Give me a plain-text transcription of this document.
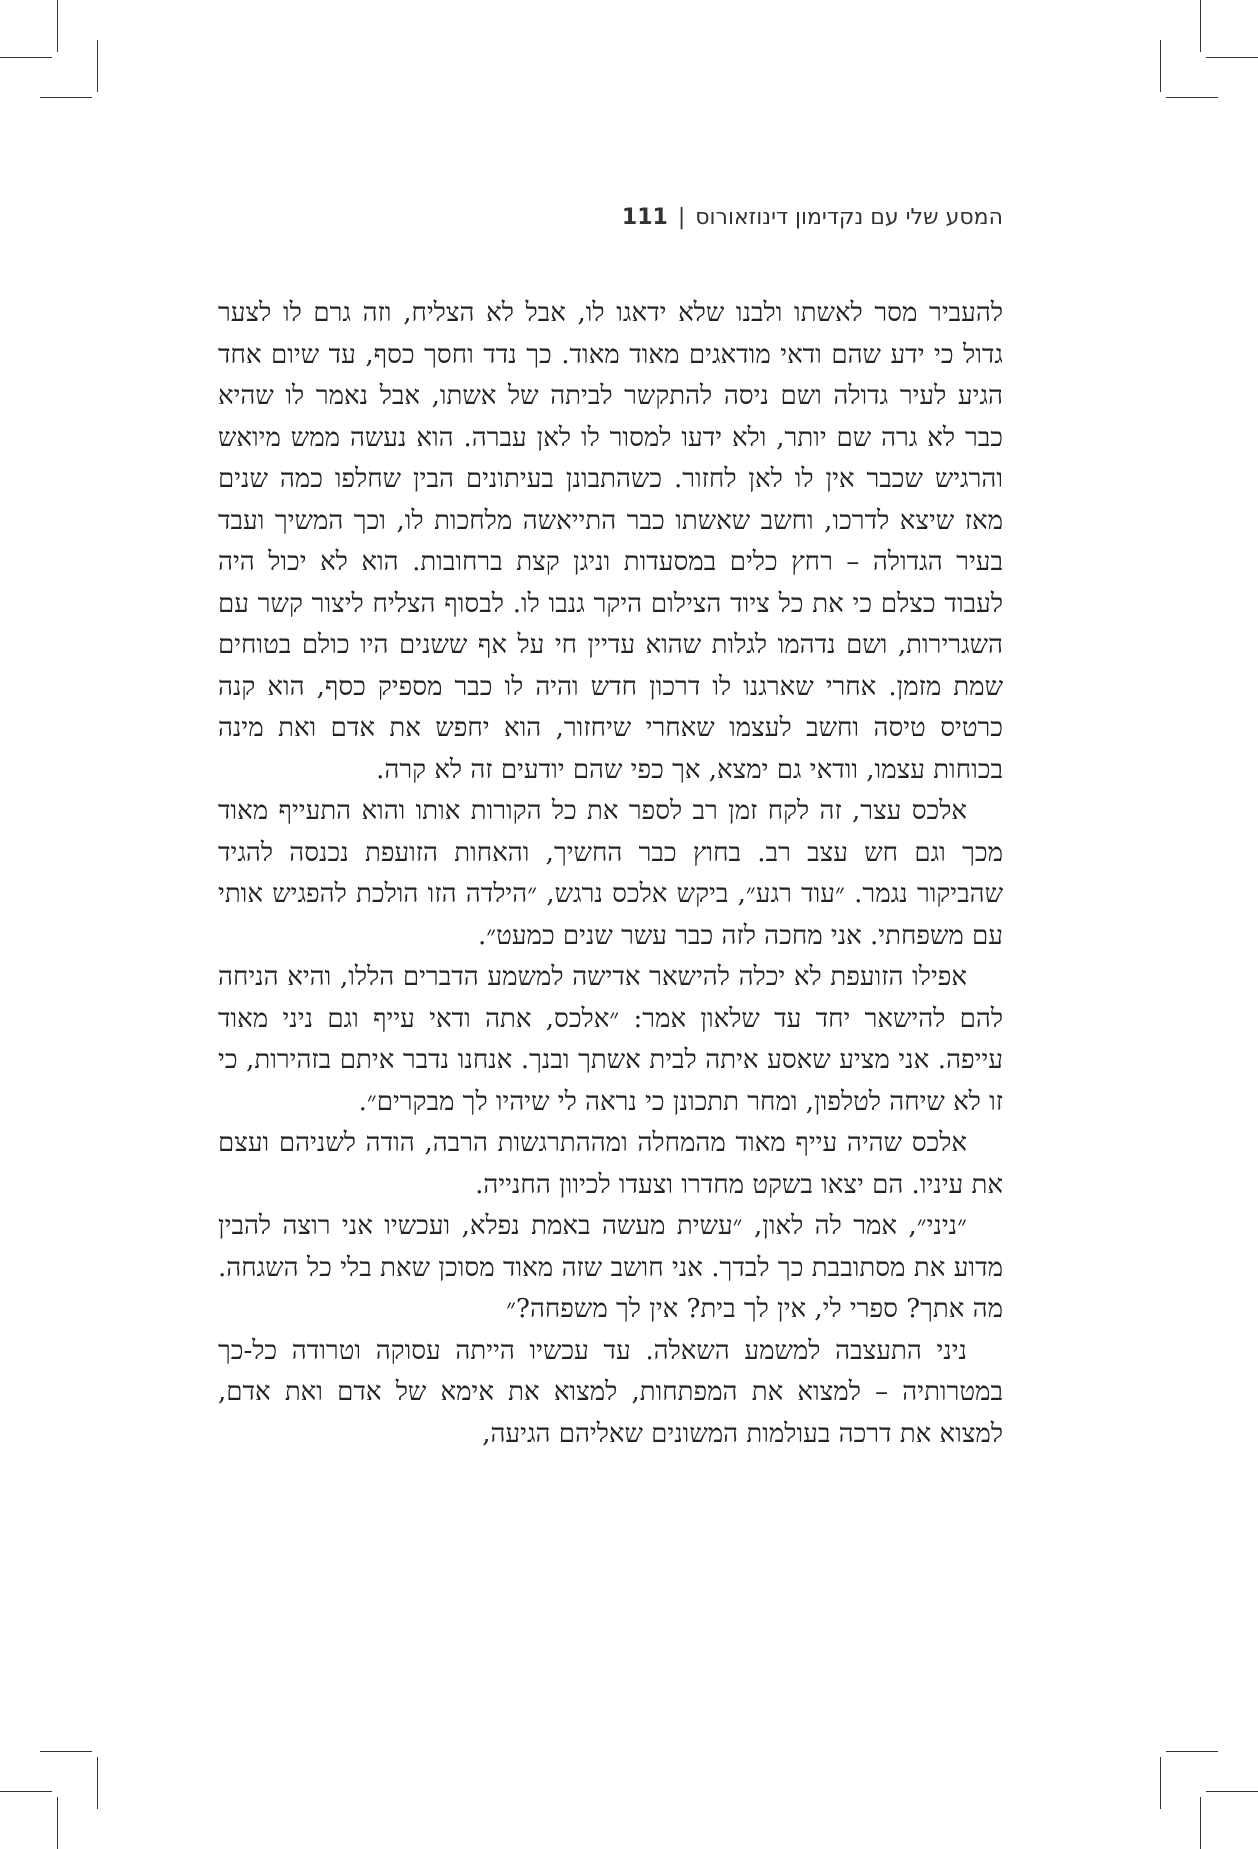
המסע שלי עם נקדימון דינוזאורוס|111

להעביר מסר לאשתו ולבנו שלא ידאגו לו, אבל לא הצליח, וזה גרם לו לצער גדול כי ידע שהם ודאי מודאגים מאוד מאוד. כך נדד וחסך כסף, עד שיום אחד הגיע לעיר גדולה ושם ניסה להתקשר לביתה של אשתו, אבל נאמר לו שהיא כבר לא גרה שם יותר, ולא ידעו למסור לו לאן עברה. הוא נעשה ממש מיואש והרגיש שכבר אין לו לאן לחזור. כשהתבונן בעיתונים הבין שחלפו כמה שנים מאז שיצא לדרכו, וחשב שאשתו כבר התייאשה מלחכות לו, וכך המשיך ועבד בעיר הגדולה – רחץ כלים במסעדות וניגן קצת ברחובות. הוא לא יכול היה לעבוד כצלם כי את כל ציוד הצילום היקר גנבו לו. לבסוף הצליח ליצור קשר עם השגרירות, ושם נדהמו לגלות שהוא עדיין חי על אף ששנים היו כולם בטוחים שמת מזמן. אחרי שארגנו לו דרכון חדש והיה לו כבר מספיק כסף, הוא קנה כרטיס טיסה וחשב לעצמו שאחרי שיחזור, הוא יחפש את אדם ואת מינה בכוחות עצמו, וודאי גם ימצא, אך כפי שהם יודעים זה לא קרה.

אלכס עצר, זה לקח זמן רב לספר את כל הקורות אותו והוא התעייף מאוד מכך וגם חש עצב רב. בחוץ כבר החשיך, והאחות הזועפת נכנסה להגיד שהביקור נגמר. ״עוד רגע״, ביקש אלכס נרגש, ״הילדה הזו הולכת להפגיש אותי עם משפחתי. אני מחכה לזה כבר עשר שנים כמעט״.

אפילו הזועפת לא יכלה להישאר אדישה למשמע הדברים הללו, והיא הניחה להם להישאר יחד עד שלאון אמר: ״אלכס, אתה ודאי עייף וגם ניני מאוד עייפה. אני מציע שאסע איתה לבית אשתך ובנך. אנחנו נדבר איתם בזהירות, כי זו לא שיחה לטלפון, ומחר תתכונן כי נראה לי שיהיו לך מבקרים״.

אלכס שהיה עייף מאוד מהמחלה ומההתרגשות הרבה, הודה לשניהם ועצם את עיניו. הם יצאו בשקט מחדרו וצעדו לכיוון החנייה.

״ניני״, אמר לה לאון, ״עשית מעשה באמת נפלא, ועכשיו אני רוצה להבין מדוע את מסתובבת כך לבדך. אני חושב שזה מאוד מסוכן שאת בלי כל השגחה. מה אתך? ספרי לי, אין לך בית? אין לך משפחה?״

ניני התעצבה למשמע השאלה. עד עכשיו הייתה עסוקה וטרודה כל-כך במטרותיה – למצוא את המפתחות, למצוא את אימא של אדם ואת אדם, למצוא את דרכה בעולמות המשונים שאליהם הגיעה,
